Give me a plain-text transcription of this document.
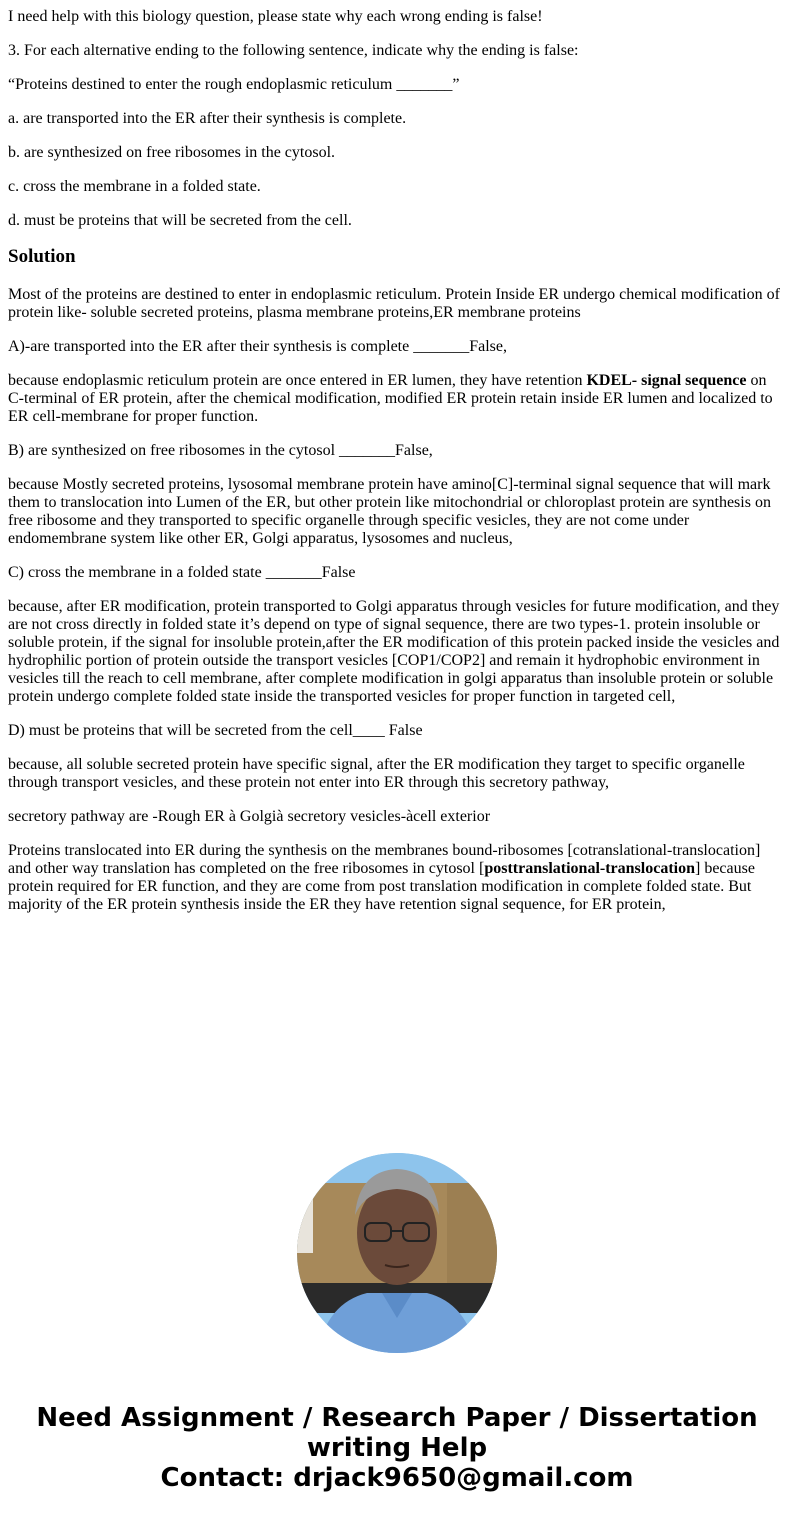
I need help with this biology question, please state why each wrong ending is false!

3. For each alternative ending to the following sentence, indicate why the ending is false:

“Proteins destined to enter the rough endoplasmic reticulum _______”

a. are transported into the ER after their synthesis is complete.

b. are synthesized on free ribosomes in the cytosol.

c. cross the membrane in a folded state.

d. must be proteins that will be secreted from the cell.

Solution

Most of the proteins are destined to enter in endoplasmic reticulum. Protein Inside ER undergo chemical modification of protein like- soluble secreted proteins, plasma membrane proteins,ER membrane proteins

A)-are transported into the ER after their synthesis is complete _______False,

because endoplasmic reticulum protein are once entered in ER lumen, they have retention KDEL- signal sequence on C-terminal of ER protein, after the chemical modification, modified ER protein retain inside ER lumen and localized to ER cell-membrane for proper function.

B) are synthesized on free ribosomes in the cytosol _______False,

because Mostly secreted proteins, lysosomal membrane protein have amino[C]-terminal signal sequence that will mark them to translocation into Lumen of the ER, but other protein like mitochondrial or chloroplast protein are synthesis on free ribosome and they transported to specific organelle through specific vesicles, they are not come under endomembrane system like other ER, Golgi apparatus, lysosomes and nucleus,

C) cross the membrane in a folded state _______False

because, after ER modification, protein transported to Golgi apparatus through vesicles for future modification, and they are not cross directly in folded state it’s depend on type of signal sequence, there are two types-1. protein insoluble or soluble protein, if the signal for insoluble protein,after the ER modification of this protein packed inside the vesicles and hydrophilic portion of protein outside the transport vesicles [COP1/COP2] and remain it hydrophobic environment in vesicles till the reach to cell membrane, after complete modification in golgi apparatus than insoluble protein or soluble protein undergo complete folded state inside the transported vesicles for proper function in targeted cell,

D) must be proteins that will be secreted from the cell____ False

because, all soluble secreted protein have specific signal, after the ER modification they target to specific organelle through transport vesicles, and these protein not enter into ER through this secretory pathway,

secretory pathway are -Rough ER à Golgià secretory vesicles-àcell exterior

Proteins translocated into ER during the synthesis on the membranes bound-ribosomes [cotranslational-translocation] and other way translation has completed on the free ribosomes in cytosol [posttranslational-translocation] because protein required for ER function, and they are come from post translation modification in complete folded state. But majority of the ER protein synthesis inside the ER they have retention signal sequence, for ER protein,

Need Assignment / Research Paper / Dissertation
writing Help
Contact: drjack9650@gmail.com
